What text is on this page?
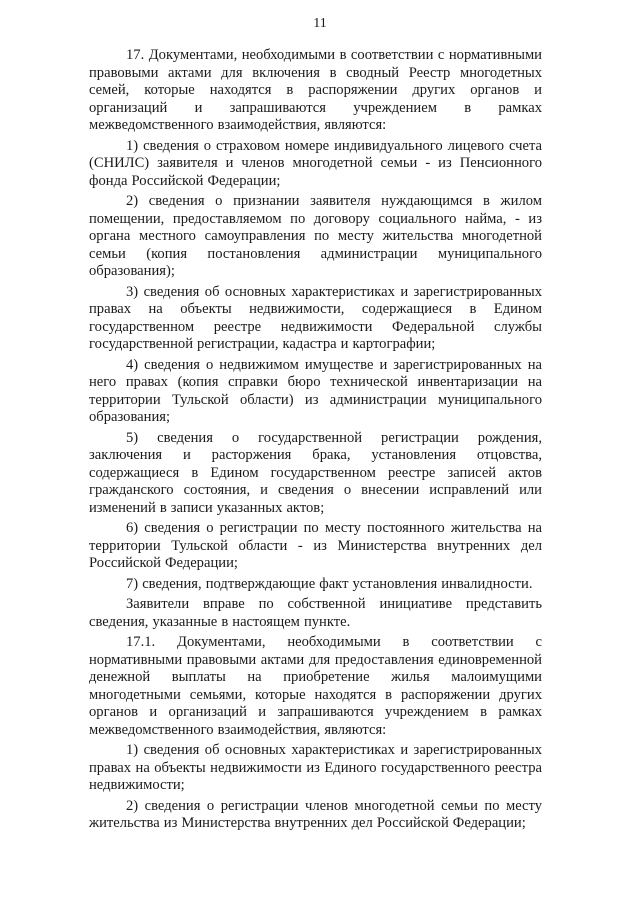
11

17. Документами, необходимыми в соответствии с нормативными правовыми актами для включения в сводный Реестр многодетных семей, которые находятся в распоряжении других органов и организаций и запрашиваются учреждением в рамках межведомственного взаимодействия, являются:

1) сведения о страховом номере индивидуального лицевого счета (СНИЛС) заявителя и членов многодетной семьи - из Пенсионного фонда Российской Федерации;

2) сведения о признании заявителя нуждающимся в жилом помещении, предоставляемом по договору социального найма, - из органа местного самоуправления по месту жительства многодетной семьи (копия постановления администрации муниципального образования);

3) сведения об основных характеристиках и зарегистрированных правах на объекты недвижимости, содержащиеся в Едином государственном реестре недвижимости Федеральной службы государственной регистрации, кадастра и картографии;

4) сведения о недвижимом имуществе и зарегистрированных на него правах (копия справки бюро технической инвентаризации на территории Тульской области) из администрации муниципального образования;

5) сведения о государственной регистрации рождения, заключения и расторжения брака, установления отцовства, содержащиеся в Едином государственном реестре записей актов гражданского состояния, и сведения о внесении исправлений или изменений в записи указанных актов;

6) сведения о регистрации по месту постоянного жительства на территории Тульской области - из Министерства внутренних дел Российской Федерации;

7) сведения, подтверждающие факт установления инвалидности.

Заявители вправе по собственной инициативе представить сведения, указанные в настоящем пункте.

17.1. Документами, необходимыми в соответствии с нормативными правовыми актами для предоставления единовременной денежной выплаты на приобретение жилья малоимущими многодетными семьями, которые находятся в распоряжении других органов и организаций и запрашиваются учреждением в рамках межведомственного взаимодействия, являются:

1) сведения об основных характеристиках и зарегистрированных правах на объекты недвижимости из Единого государственного реестра недвижимости;

2) сведения о регистрации членов многодетной семьи по месту жительства из Министерства внутренних дел Российской Федерации;
